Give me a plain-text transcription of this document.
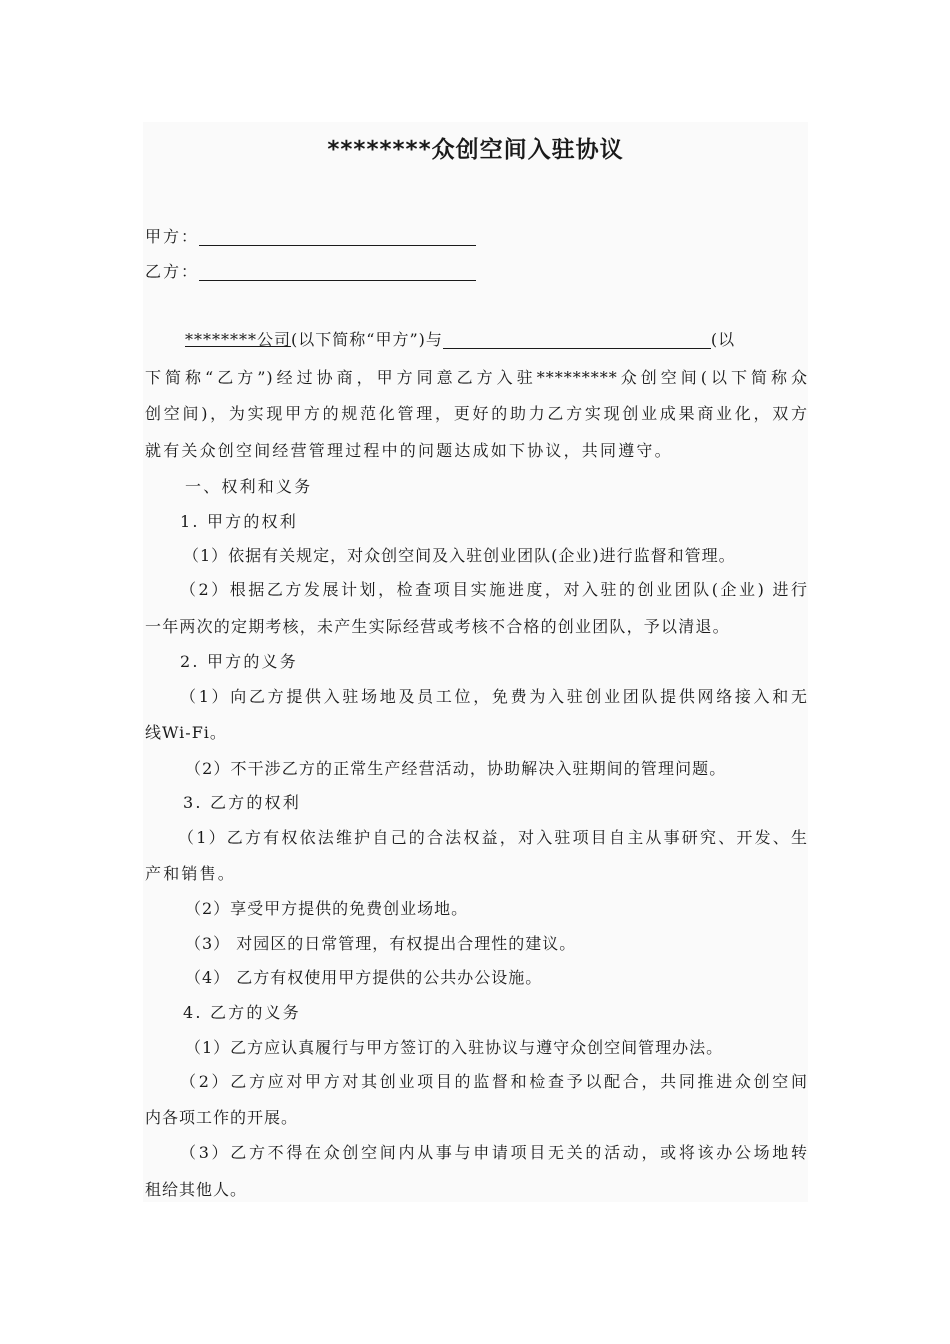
********众创空间入驻协议
甲方：
乙方：
********公司(以下简称“甲方”)与	(以
下简称“乙方”)经过协商，甲方同意乙方入驻*********众创空间(以下简称众
创空间)，为实现甲方的规范化管理，更好的助力乙方实现创业成果商业化，双方
就有关众创空间经营管理过程中的问题达成如下协议，共同遵守。
一、权利和义务
1. 甲方的权利
（1）依据有关规定，对众创空间及入驻创业团队(企业)进行监督和管理。
（2）根据乙方发展计划，检查项目实施进度，对入驻的创业团队(企业) 进行
一年两次的定期考核，未产生实际经营或考核不合格的创业团队，予以清退。
2. 甲方的义务
（1）向乙方提供入驻场地及员工位，免费为入驻创业团队提供网络接入和无
线Wi-Fi。
（2）不干涉乙方的正常生产经营活动，协助解决入驻期间的管理问题。
3. 乙方的权利
（1）乙方有权依法维护自己的合法权益，对入驻项目自主从事研究、开发、生
产和销售。
（2）享受甲方提供的免费创业场地。
（3） 对园区的日常管理，有权提出合理性的建议。
（4） 乙方有权使用甲方提供的公共办公设施。
4. 乙方的义务
（1）乙方应认真履行与甲方签订的入驻协议与遵守众创空间管理办法。
（2）乙方应对甲方对其创业项目的监督和检查予以配合，共同推进众创空间
内各项工作的开展。
（3）乙方不得在众创空间内从事与申请项目无关的活动，或将该办公场地转
租给其他人。
